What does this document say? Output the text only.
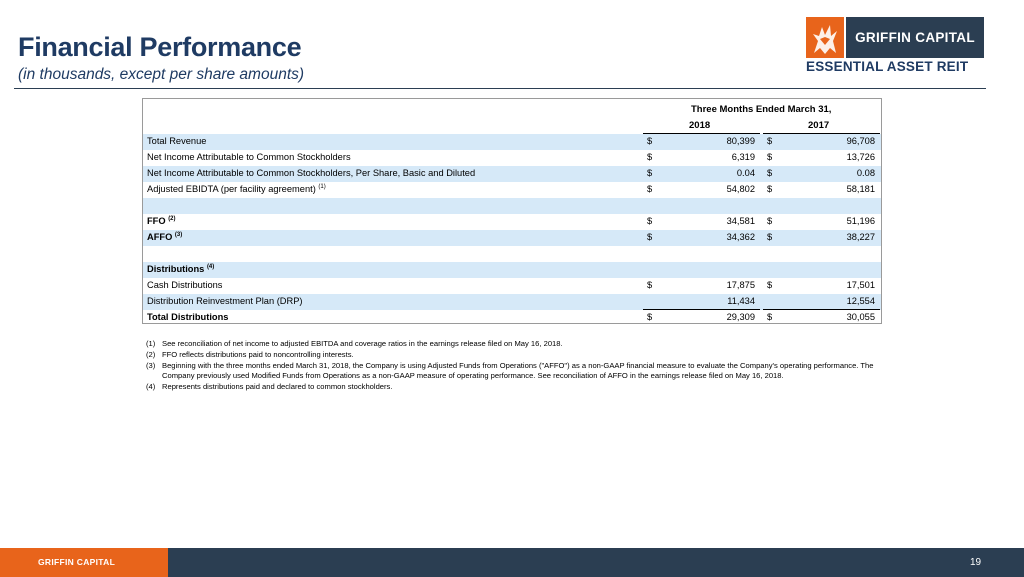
Financial Performance
(in thousands, except per share amounts)
GRIFFIN CAPITAL
ESSENTIAL ASSET REIT
Three Months Ended March 31,
2018	2017
Total Revenue	$	80,399 $	96,708
Net Income Attributable to Common Stockholders	$	6,319 $	13,726
Net Income Attributable to Common Stockholders, Per Share, Basic and Diluted	$	0.04 $	0.08
Adjusted EBIDTA (per facility agreement) $^{(1)}$	$	54,802 $	58,181
FFO $^{(2)}$	$	34,581 $	51,196
AFFO $^{(3)}$	$	34,362 $	38,227
Distributions $^{(4)}$
Cash Distributions	$	17,875 $	17,501
Distribution Reinvestment Plan (DRP)	11,434	12,554
Total Distributions	$	29,309 $	30,055
(1) See reconciliation of net income to adjusted EBITDA and coverage ratios in the earnings release filed on May 16, 2018.
(2) FFO reflects distributions paid to noncontrolling interests.
(3) Beginning with the three months ended March 31, 2018, the Company is using Adjusted Funds from Operations ("AFFO") as a non-GAAP financial measure to evaluate the Company's operating performance. The Company previously used Modified Funds from Operations as a non-GAAP measure of operating performance. See reconciliation of AFFO in the earnings release filed on May 16, 2018.
(4) Represents distributions paid and declared to common stockholders.
GRIFFIN CAPITAL	19
